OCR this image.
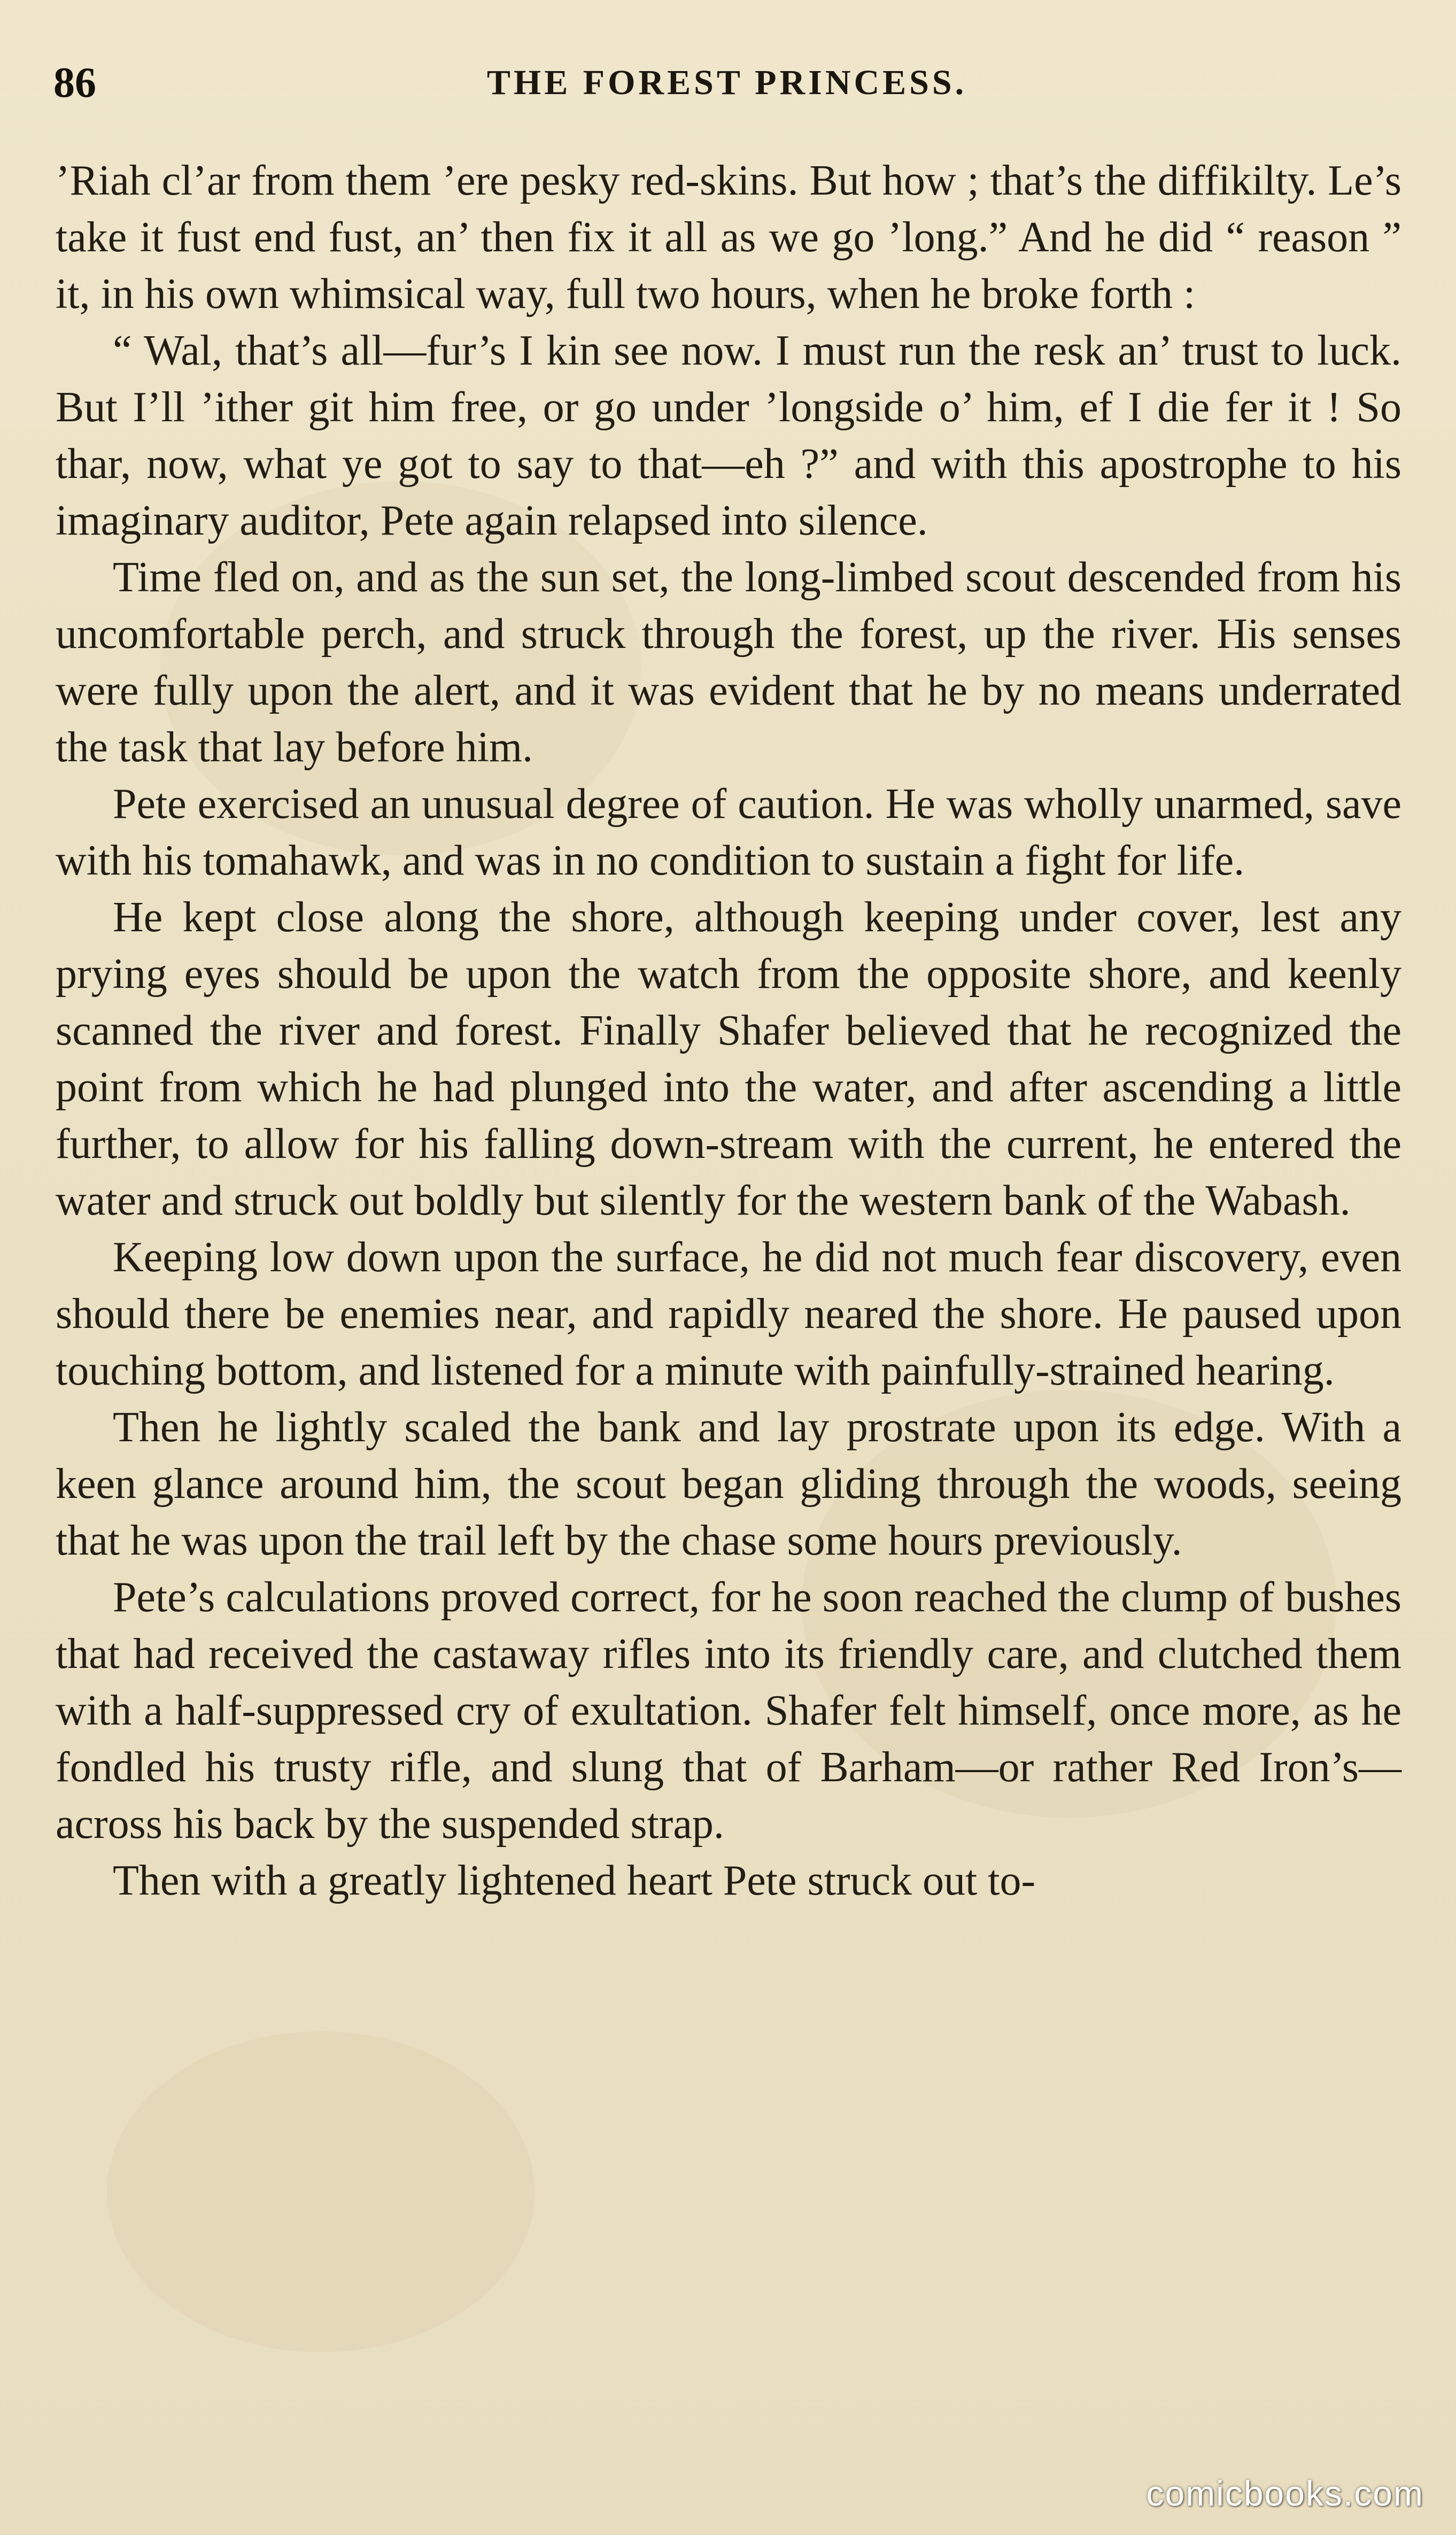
86	THE FOREST PRINCESS.

’Riah cl’ar from them ’ere pesky red-skins. But how ; that’s the diffikilty. Le’s take it fust end fust, an’ then fix it all as we go ’long.” And he did “ reason ” it, in his own whimsical way, full two hours, when he broke forth :

“ Wal, that’s all—fur’s I kin see now. I must run the resk an’ trust to luck. But I’ll ’ither git him free, or go under ’longside o’ him, ef I die fer it ! So thar, now, what ye got to say to that—eh ?” and with this apostrophe to his imaginary auditor, Pete again relapsed into silence.

Time fled on, and as the sun set, the long-limbed scout descended from his uncomfortable perch, and struck through the forest, up the river. His senses were fully upon the alert, and it was evident that he by no means underrated the task that lay before him.

Pete exercised an unusual degree of caution. He was wholly unarmed, save with his tomahawk, and was in no condition to sustain a fight for life.

He kept close along the shore, although keeping under cover, lest any prying eyes should be upon the watch from the opposite shore, and keenly scanned the river and forest. Finally Shafer believed that he recognized the point from which he had plunged into the water, and after ascending a little further, to allow for his falling down-stream with the current, he entered the water and struck out boldly but silently for the western bank of the Wabash.

Keeping low down upon the surface, he did not much fear discovery, even should there be enemies near, and rapidly neared the shore. He paused upon touching bottom, and listened for a minute with painfully-strained hearing.

Then he lightly scaled the bank and lay prostrate upon its edge. With a keen glance around him, the scout began gliding through the woods, seeing that he was upon the trail left by the chase some hours previously.

Pete’s calculations proved correct, for he soon reached the clump of bushes that had received the castaway rifles into its friendly care, and clutched them with a half-suppressed cry of exultation. Shafer felt himself, once more, as he fondled his trusty rifle, and slung that of Barham—or rather Red Iron’s—across his back by the suspended strap.

Then with a greatly lightened heart Pete struck out to-

comicbooks.com
